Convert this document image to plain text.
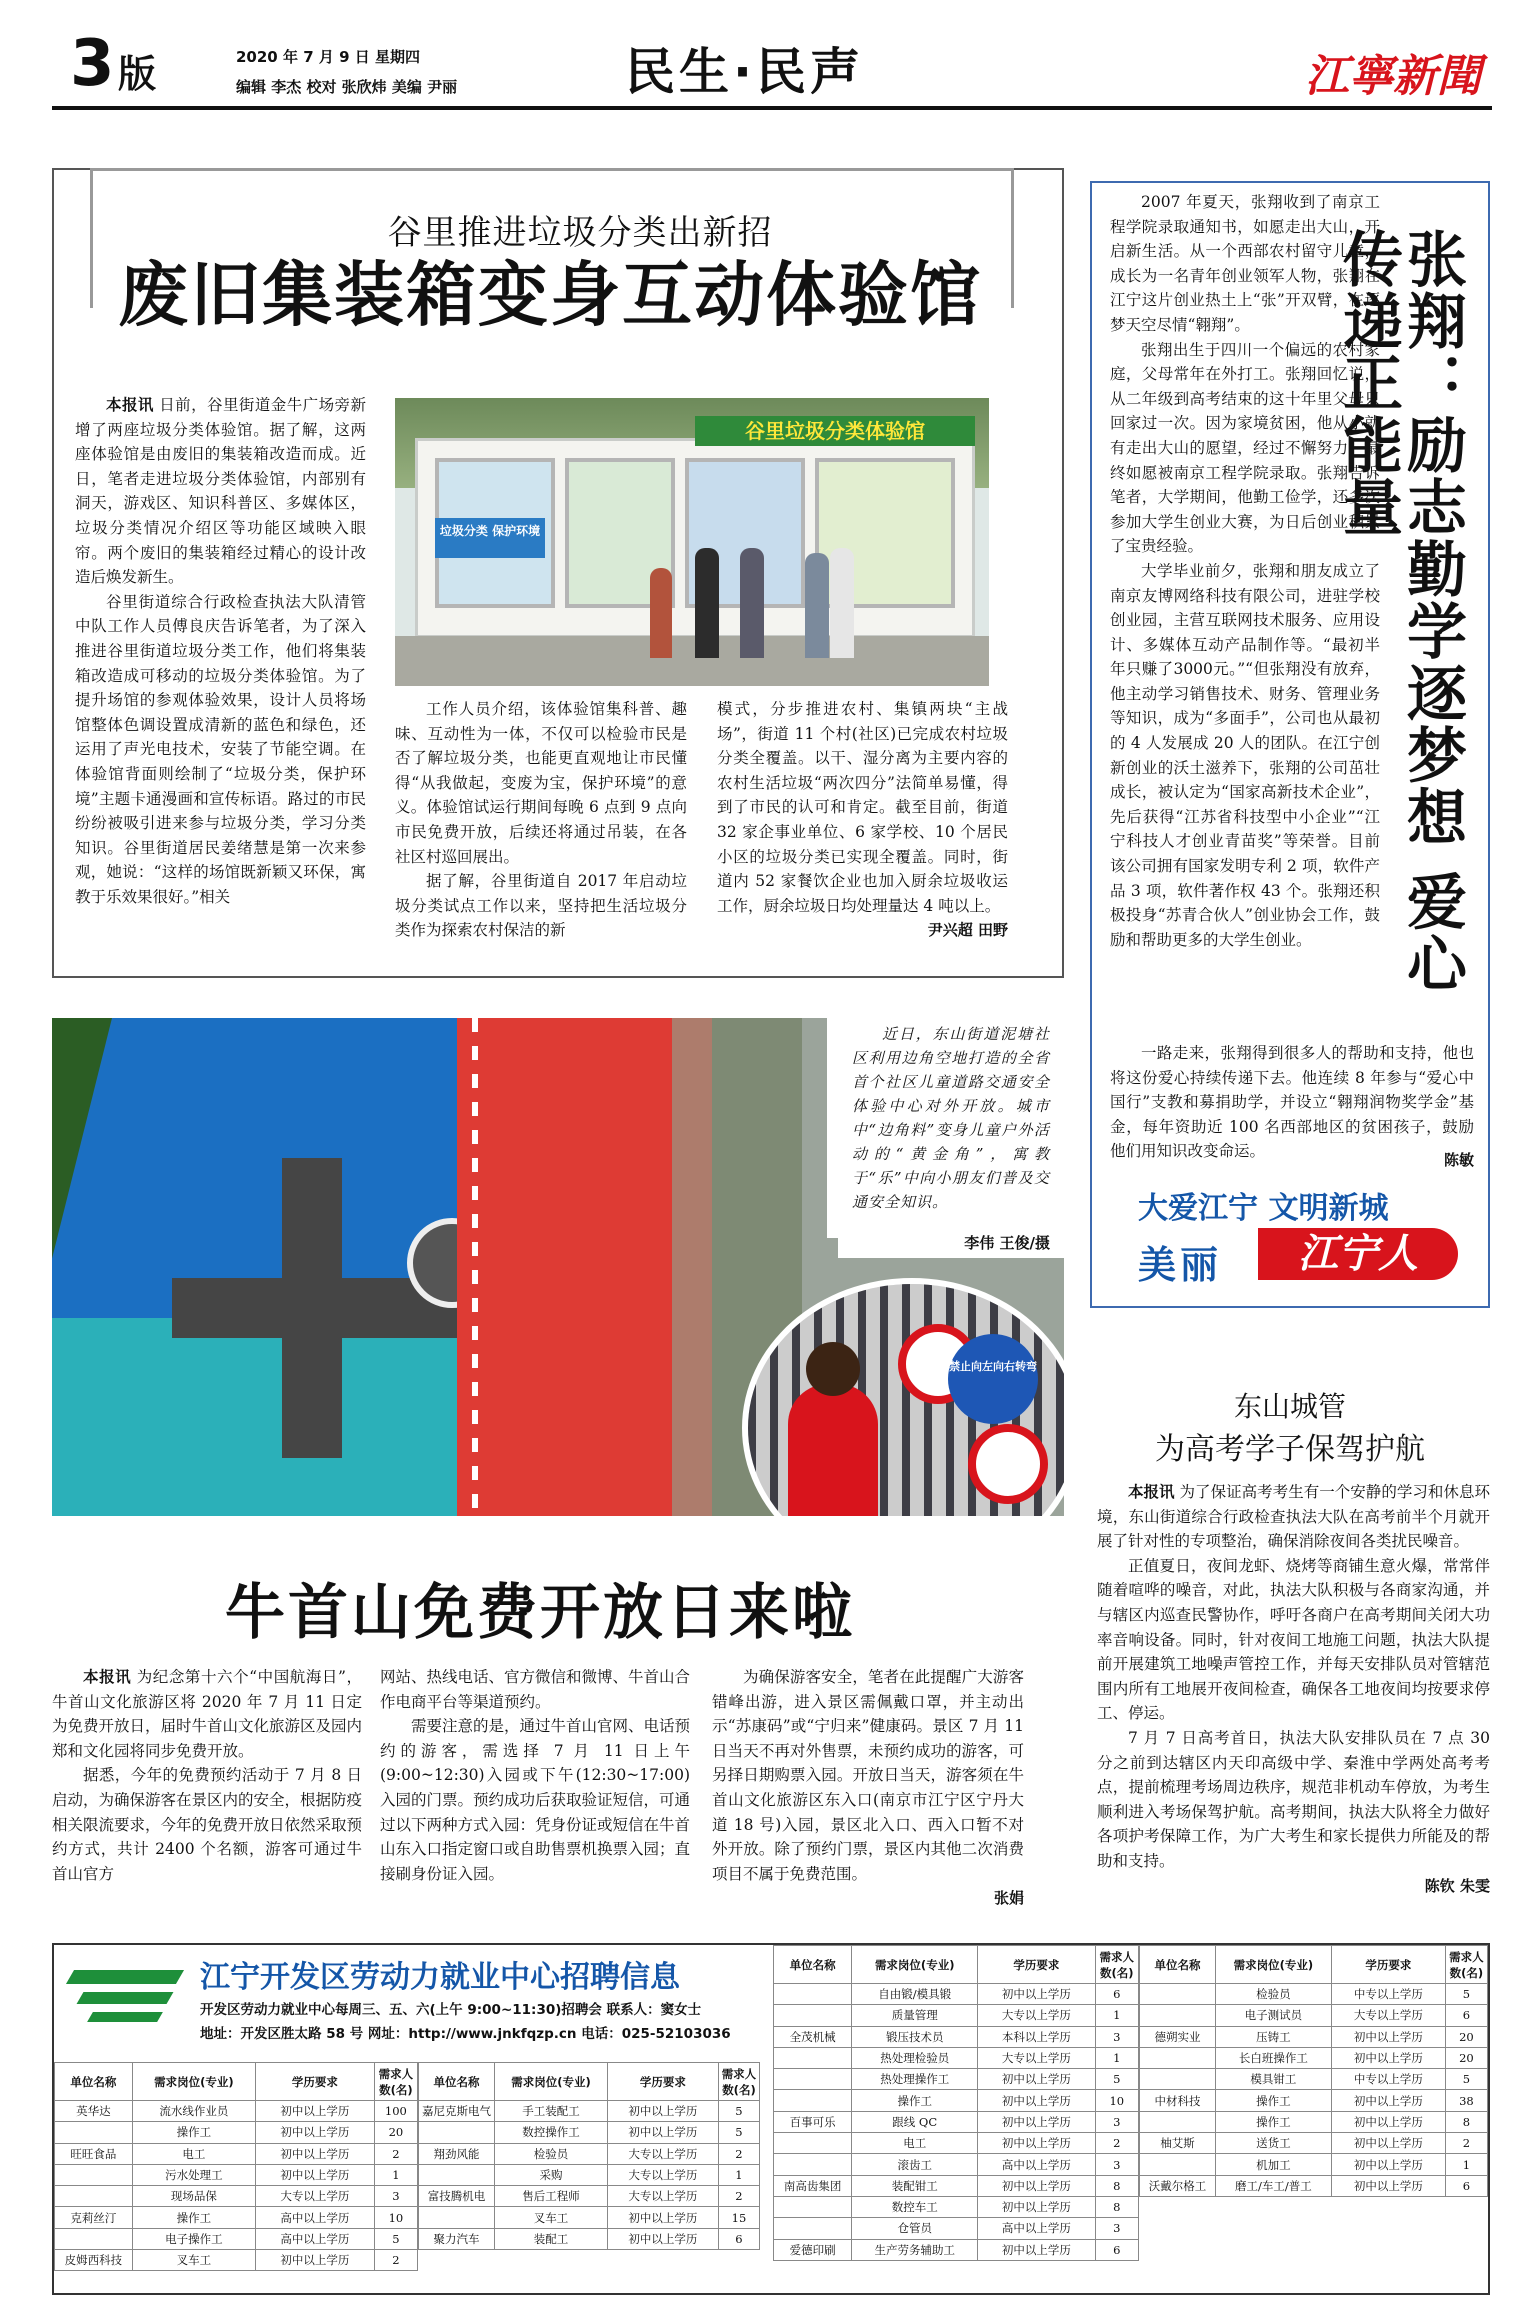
3 版	2020 年 7 月 9 日 星期四
编辑 李杰 校对 张欣炜 美编 尹丽	民生·民声	江寧新聞
谷里推进垃圾分类出新招
废旧集装箱变身互动体验馆

本报讯 日前，谷里街道金牛广场旁新增了两座垃圾分类体验馆。据了解，这两座体验馆是由废旧的集装箱改造而成。近日，笔者走进垃圾分类体验馆，内部别有洞天，游戏区、知识科普区、多媒体区，垃圾分类情况介绍区等功能区域映入眼帘。两个废旧的集装箱经过精心的设计改造后焕发新生。

谷里街道综合行政检查执法大队清管中队工作人员傅良庆告诉笔者，为了深入推进谷里街道垃圾分类工作，他们将集装箱改造成可移动的垃圾分类体验馆。为了提升场馆的参观体验效果，设计人员将场馆整体色调设置成清新的蓝色和绿色，还运用了声光电技术，安装了节能空调。在体验馆背面则绘制了“垃圾分类，保护环境”主题卡通漫画和宣传标语。路过的市民纷纷被吸引进来参与垃圾分类，学习分类知识。谷里街道居民姜绪慧是第一次来参观，她说：“这样的场馆既新颖又环保，寓教于乐效果很好。”相关

谷里垃圾分类体验馆
垃圾分类 保护环境

工作人员介绍，该体验馆集科普、趣味、互动性为一体，不仅可以检验市民是否了解垃圾分类，也能更直观地让市民懂得“从我做起，变废为宝，保护环境”的意义。体验馆试运行期间每晚 6 点到 9 点向市民免费开放，后续还将通过吊装，在各社区村巡回展出。

据了解，谷里街道自 2017 年启动垃圾分类试点工作以来，坚持把生活垃圾分类作为探索农村保洁的新

模式，分步推进农村、集镇两块“主战场”，街道 11 个村(社区)已完成农村垃圾分类全覆盖。以干、湿分离为主要内容的农村生活垃圾“两次四分”法简单易懂，得到了市民的认可和肯定。截至目前，街道 32 家企事业单位、6 家学校、10 个居民小区的垃圾分类已实现全覆盖。同时，街道内 52 家餐饮企业也加入厨余垃圾收运工作，厨余垃圾日均处理量达 4 吨以上。

尹兴超 田野
禁止向左向右转弯
近日，东山街道泥塘社区利用边角空地打造的全省首个社区儿童道路交通安全体验中心对外开放。城市中“边角料”变身儿童户外活动的“黄金角”，寓教于“乐”中向小朋友们普及交通安全知识。
李伟 王俊/摄

2007 年夏天，张翔收到了南京工程学院录取通知书，如愿走出大山，开启新生活。从一个西部农村留守儿童，成长为一名青年创业领军人物，张翔在江宁这片创业热土上“张”开双臂，在逐梦天空尽情“翱翔”。

张翔出生于四川一个偏远的农村家庭，父母常年在外打工。张翔回忆说，从二年级到高考结束的这十年里父母只回家过一次。因为家境贫困，他从小就有走出大山的愿望，经过不懈努力，最终如愿被南京工程学院录取。张翔告诉笔者，大学期间，他勤工俭学，还多次参加大学生创业大赛，为日后创业积累了宝贵经验。

大学毕业前夕，张翔和朋友成立了南京友博网络科技有限公司，进驻学校创业园，主营互联网技术服务、应用设计、多媒体互动产品制作等。“最初半年只赚了3000元。”“但张翔没有放弃，他主动学习销售技术、财务、管理业务等知识，成为“多面手”，公司也从最初的 4 人发展成 20 人的团队。在江宁创新创业的沃土滋养下，张翔的公司茁壮成长，被认定为“国家高新技术企业”，先后获得“江苏省科技型中小企业”“江宁科技人才创业青苗奖”等荣誉。目前该公司拥有国家发明专利 2 项，软件产品 3 项，软件著作权 43 个。张翔还积极投身“苏青合伙人”创业协会工作，鼓励和帮助更多的大学生创业。	张翔：励志勤学逐梦想 爱心传递正能量

一路走来，张翔得到很多人的帮助和支持，他也将这份爱心持续传递下去。他连续 8 年参与“爱心中国行”支教和募捐助学，并设立“翱翔润物奖学金”基金，每年资助近 100 名西部地区的贫困孩子，鼓励他们用知识改变命运。	陈敏
大爱江宁 文明新城
美丽	江宁人
东山城管
为高考学子保驾护航

本报讯 为了保证高考考生有一个安静的学习和休息环境，东山街道综合行政检查执法大队在高考前半个月就开展了针对性的专项整治，确保消除夜间各类扰民噪音。

正值夏日，夜间龙虾、烧烤等商铺生意火爆，常常伴随着喧哗的噪音，对此，执法大队积极与各商家沟通，并与辖区内巡查民警协作，呼吁各商户在高考期间关闭大功率音响设备。同时，针对夜间工地施工问题，执法大队提前开展建筑工地噪声管控工作，并每天安排队员对管辖范围内所有工地展开夜间检查，确保各工地夜间均按要求停工、停运。

7 月 7 日高考首日，执法大队安排队员在 7 点 30 分之前到达辖区内天印高级中学、秦淮中学两处高考考点，提前梳理考场周边秩序，规范非机动车停放，为考生顺利进入考场保驾护航。高考期间，执法大队将全力做好各项护考保障工作，为广大考生和家长提供力所能及的帮助和支持。

陈钦 朱雯
牛首山免费开放日来啦

本报讯 为纪念第十六个“中国航海日”，牛首山文化旅游区将 2020 年 7 月 11 日定为免费开放日，届时牛首山文化旅游区及园内郑和文化园将同步免费开放。

据悉，今年的免费预约活动于 7 月 8 日启动，为确保游客在景区内的安全，根据防疫相关限流要求，今年的免费开放日依然采取预约方式，共计 2400 个名额，游客可通过牛首山官方

网站、热线电话、官方微信和微博、牛首山合作电商平台等渠道预约。

需要注意的是，通过牛首山官网、电话预约的游客，需选择 7 月 11 日上午(9:00~12:30)入园或下午(12:30~17:00)入园的门票。预约成功后获取验证短信，可通过以下两种方式入园：凭身份证或短信在牛首山东入口指定窗口或自助售票机换票入园；直接刷身份证入园。

为确保游客安全，笔者在此提醒广大游客错峰出游，进入景区需佩戴口罩，并主动出示“苏康码”或“宁归来”健康码。景区 7 月 11 日当天不再对外售票，未预约成功的游客，可另择日期购票入园。开放日当天，游客须在牛首山文化旅游区东入口(南京市江宁区宁丹大道 18 号)入园，景区北入口、西入口暂不对外开放。除了预约门票，景区内其他二次消费项目不属于免费范围。

张娟
江宁开发区劳动力就业中心招聘信息
开发区劳动力就业中心每周三、五、六(上午 9:00~11:30)招聘会 联系人：窦女士
地址：开发区胜太路 58 号 网址：http://www.jnkfqzp.cn 电话：025-52103036
单位名称	需求岗位(专业)	学历要求	需求人数(名)
英华达	流水线作业员	初中以上学历	100
	操作工	初中以上学历	20
旺旺食品	电工	初中以上学历	2
	污水处理工	初中以上学历	1
	现场品保	大专以上学历	3
克莉丝汀	操作工	高中以上学历	10
	电子操作工	高中以上学历	5
皮姆西科技	叉车工	初中以上学历	2
单位名称	需求岗位(专业)	学历要求	需求人数(名)
嘉尼克斯电气	手工装配工	初中以上学历	5
	数控操作工	初中以上学历	5
翔劲风能	检验员	大专以上学历	2
	采购	大专以上学历	1
富技腾机电	售后工程师	大专以上学历	2
	叉车工	初中以上学历	15
聚力汽车	装配工	初中以上学历	6
单位名称	需求岗位(专业)	学历要求	需求人数(名)
	自由锻/模具锻	初中以上学历	6
	质量管理	大专以上学历	1
全茂机械	锻压技术员	本科以上学历	3
	热处理检验员	大专以上学历	1
	热处理操作工	初中以上学历	5
	操作工	初中以上学历	10
百事可乐	跟线 QC	初中以上学历	3
	电工	初中以上学历	2
	滚齿工	高中以上学历	3
南高齿集团	装配钳工	初中以上学历	8
	数控车工	初中以上学历	8
	仓管员	高中以上学历	3
爱德印刷	生产劳务辅助工	初中以上学历	6
单位名称	需求岗位(专业)	学历要求	需求人数(名)
	检验员	中专以上学历	5
	电子测试员	大专以上学历	6
德朔实业	压铸工	初中以上学历	20
	长白班操作工	初中以上学历	20
	模具钳工	中专以上学历	5
中材科技	操作工	初中以上学历	38
	操作工	初中以上学历	8
柚艾斯	送货工	初中以上学历	2
	机加工	初中以上学历	1
沃戴尔格工	磨工/车工/普工	初中以上学历	6
